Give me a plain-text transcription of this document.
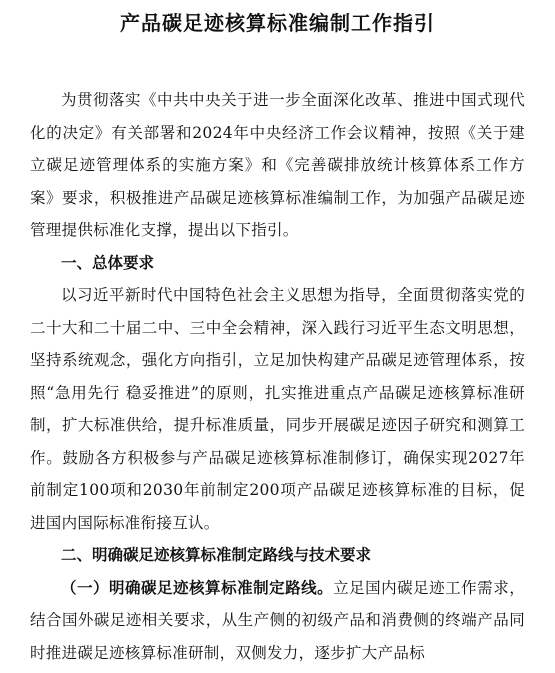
产品碳足迹核算标准编制工作指引

为贯彻落实《中共中央关于进一步全面深化改革、推进中国式现代化的决定》有关部署和2024年中央经济工作会议精神，按照《关于建立碳足迹管理体系的实施方案》和《完善碳排放统计核算体系工作方案》要求，积极推进产品碳足迹核算标准编制工作，为加强产品碳足迹管理提供标准化支撑，提出以下指引。

一、总体要求

以习近平新时代中国特色社会主义思想为指导，全面贯彻落实党的二十大和二十届二中、三中全会精神，深入践行习近平生态文明思想，坚持系统观念，强化方向指引，立足加快构建产品碳足迹管理体系，按照“急用先行 稳妥推进”的原则，扎实推进重点产品碳足迹核算标准研制，扩大标准供给，提升标准质量，同步开展碳足迹因子研究和测算工作。鼓励各方积极参与产品碳足迹核算标准制修订，确保实现2027年前制定100项和2030年前制定200项产品碳足迹核算标准的目标，促进国内国际标准衔接互认。

二、明确碳足迹核算标准制定路线与技术要求

（一）明确碳足迹核算标准制定路线。立足国内碳足迹工作需求，结合国外碳足迹相关要求，从生产侧的初级产品和消费侧的终端产品同时推进碳足迹核算标准研制，双侧发力，逐步扩大产品标
